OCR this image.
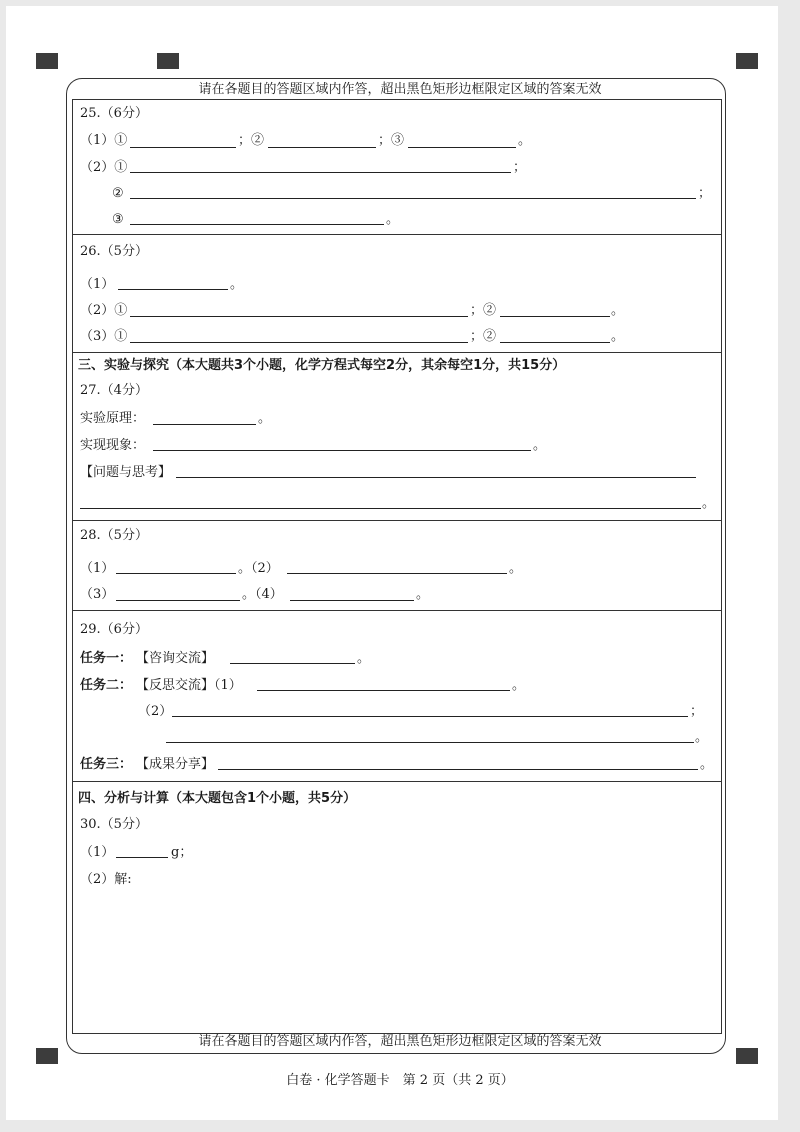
请在各题目的答题区域内作答，超出黑色矩形边框限定区域的答案无效
请在各题目的答题区域内作答，超出黑色矩形边框限定区域的答案无效
25.（6分）
（1）①	；②	；③	。
（2）①	；
②	；
③	。
26.（5分）
（1）	。
（2）①	；②	。
（3）①	；②	。
三、实验与探究（本大题共3个小题，化学方程式每空2分，其余每空1分，共15分）
27.（4分）
实验原理：	。
实现现象：	。
【问题与思考】
。
28.（5分）
（1）	。（2）	。
（3）	。（4）	。
29.（6分）
任务一： 【咨询交流】	。
任务二： 【反思交流】（1）	。
（2）	；
。
任务三： 【成果分享】	。
四、分析与计算（本大题包含1个小题，共5分）
30.（5分）
（1）	g；
（2）解:
白卷 · 化学答题卡　第 2 页（共 2 页）
